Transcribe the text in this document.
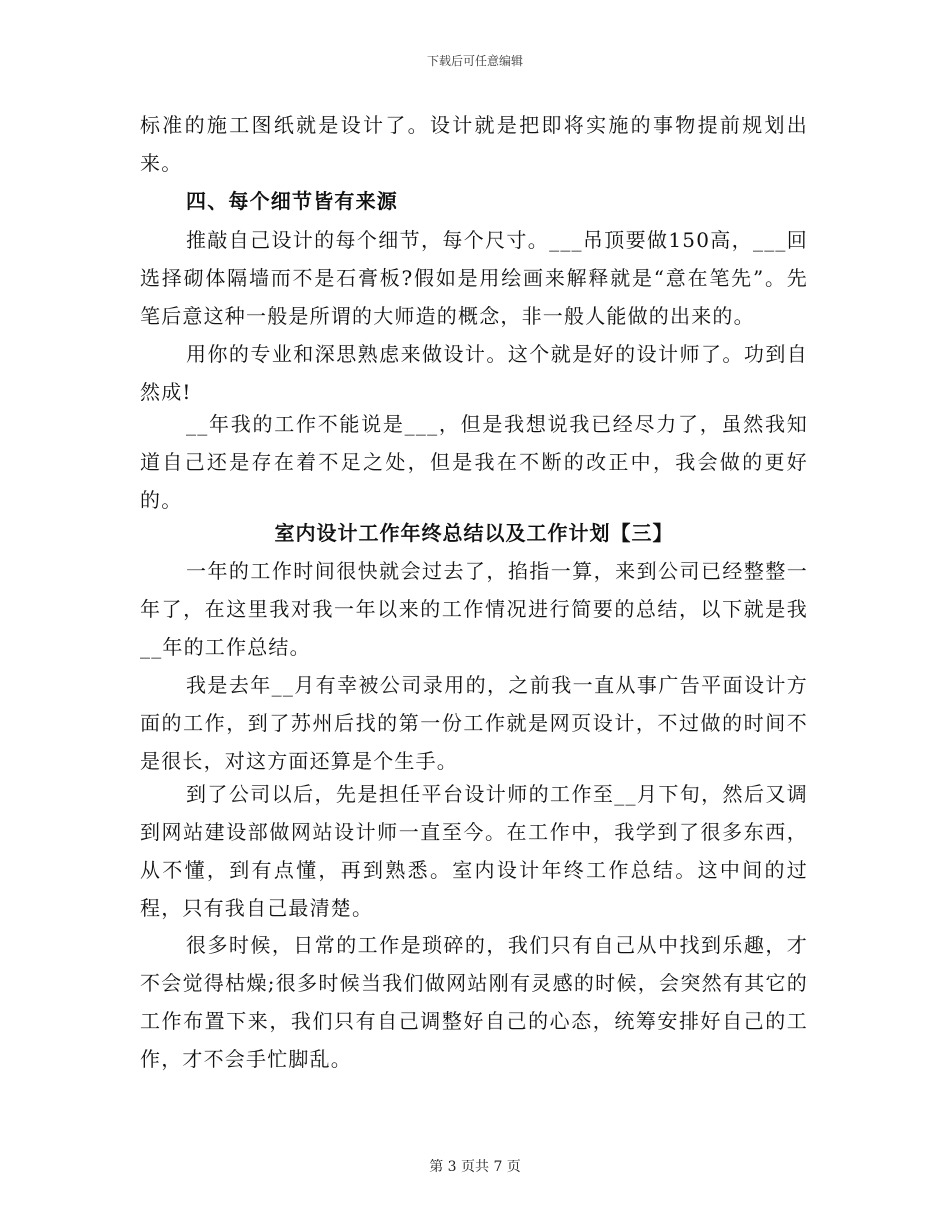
下载后可任意编辑

标准的施工图纸就是设计了。设计就是把即将实施的事物提前规划出来。

四、每个细节皆有来源

推敲自己设计的每个细节，每个尺寸。___吊顶要做150高，___回选择砌体隔墙而不是石膏板?假如是用绘画来解释就是“意在笔先”。先笔后意这种一般是所谓的大师造的概念，非一般人能做的出来的。

用你的专业和深思熟虑来做设计。这个就是好的设计师了。功到自然成!

__年我的工作不能说是___，但是我想说我已经尽力了，虽然我知道自己还是存在着不足之处，但是我在不断的改正中，我会做的更好的。

室内设计工作年终总结以及工作计划【三】

一年的工作时间很快就会过去了，掐指一算，来到公司已经整整一年了，在这里我对我一年以来的工作情况进行简要的总结，以下就是我__年的工作总结。

我是去年__月有幸被公司录用的，之前我一直从事广告平面设计方面的工作，到了苏州后找的第一份工作就是网页设计，不过做的时间不是很长，对这方面还算是个生手。

到了公司以后，先是担任平台设计师的工作至__月下旬，然后又调到网站建设部做网站设计师一直至今。在工作中，我学到了很多东西，从不懂，到有点懂，再到熟悉。室内设计年终工作总结。这中间的过程，只有我自己最清楚。

很多时候，日常的工作是琐碎的，我们只有自己从中找到乐趣，才不会觉得枯燥;很多时候当我们做网站刚有灵感的时候，会突然有其它的工作布置下来，我们只有自己调整好自己的心态，统筹安排好自己的工作，才不会手忙脚乱。

第 3 页共 7 页
